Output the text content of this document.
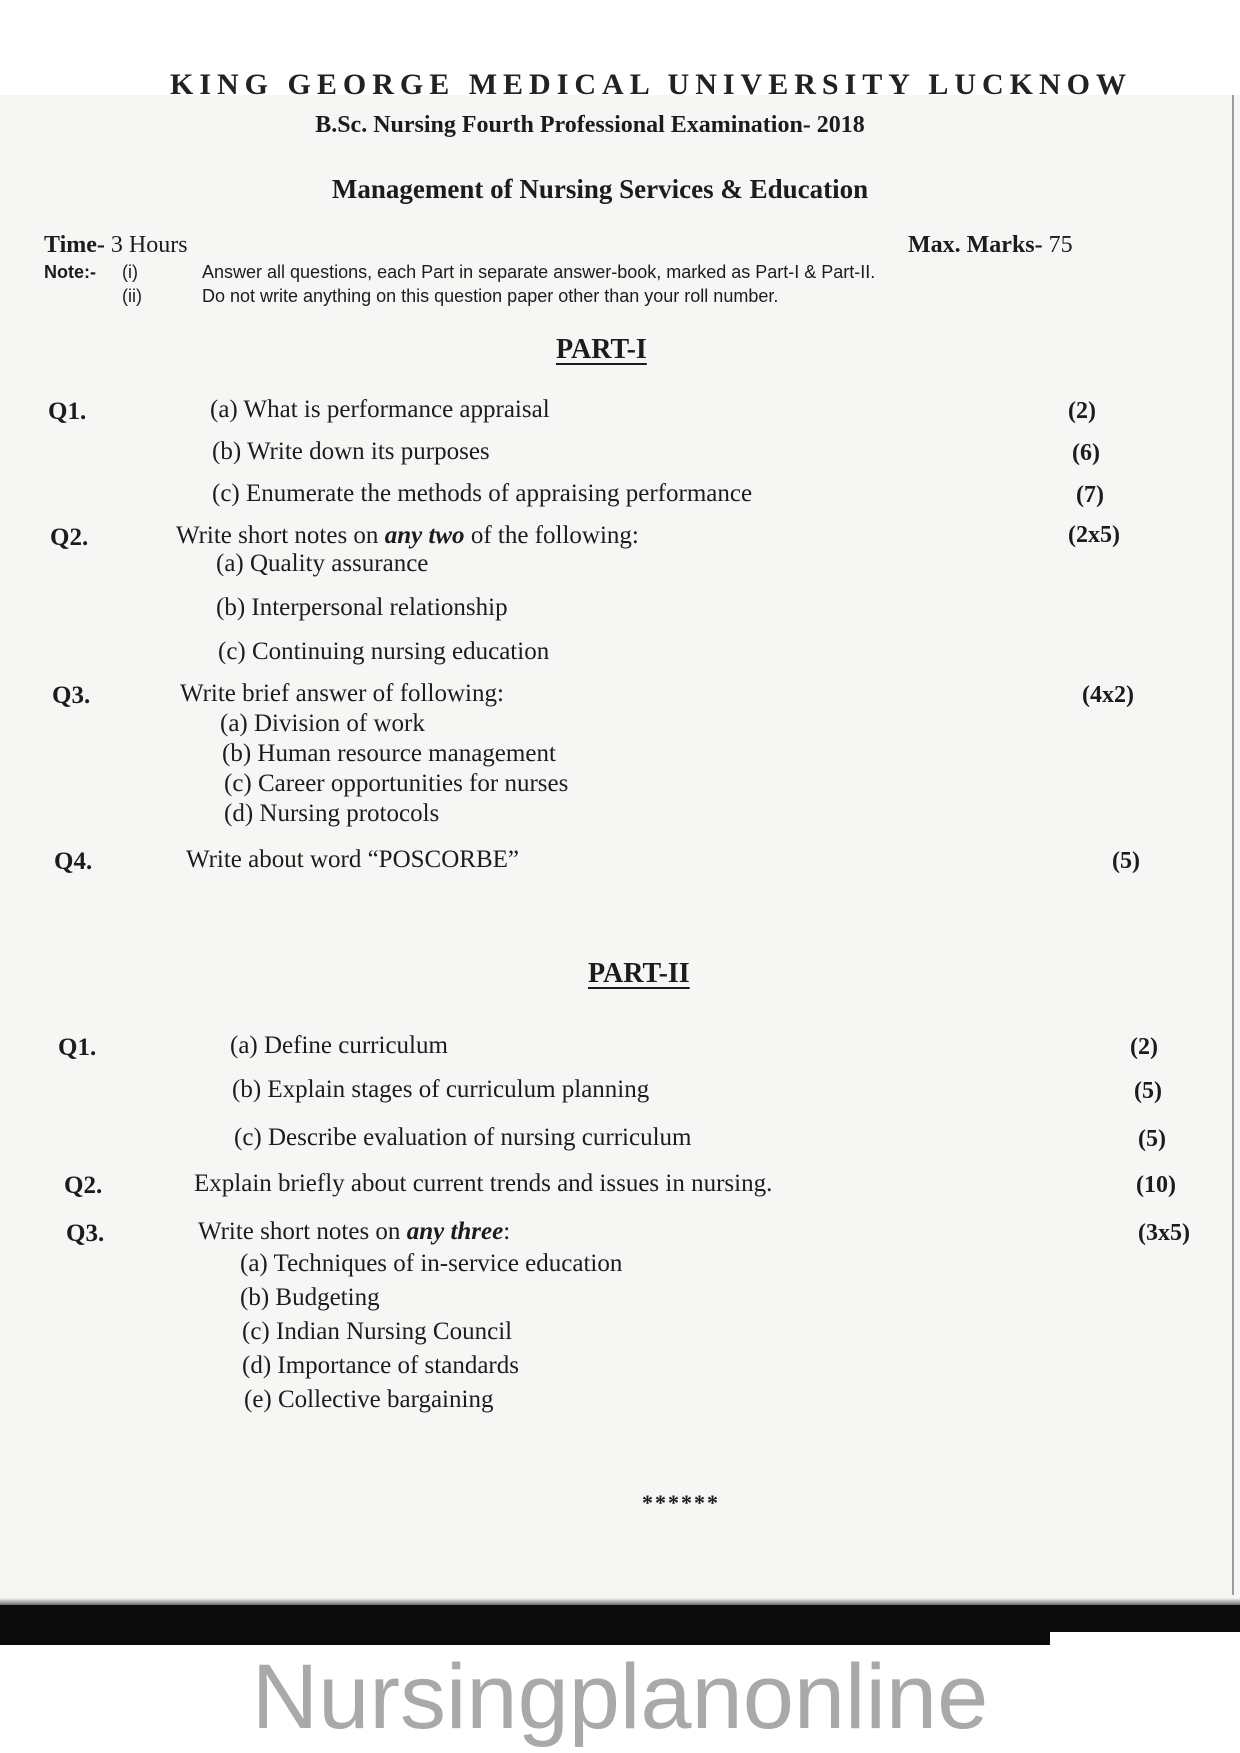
KING GEORGE MEDICAL UNIVERSITY LUCKNOW
B.Sc. Nursing Fourth Professional Examination- 2018
Management of Nursing Services & Education
Time- 3 Hours	Max. Marks- 75
Note:- (i)	Answer all questions, each Part in separate answer-book, marked as Part-I & Part-II.
(ii)	Do not write anything on this question paper other than your roll number.
PART-I
Q1.	(a) What is performance appraisal	(2)
(b) Write down its purposes	(6)
(c) Enumerate the methods of appraising performance	(7)
Q2.	Write short notes on any two of the following:	(2x5)
(a) Quality assurance
(b) Interpersonal relationship
(c) Continuing nursing education
Q3.	Write brief answer of following:	(4x2)
(a) Division of work
(b) Human resource management
(c) Career opportunities for nurses
(d) Nursing protocols
Q4.	Write about word “POSCORBE”	(5)
PART-II
Q1.	(a) Define curriculum	(2)
(b) Explain stages of curriculum planning	(5)
(c) Describe evaluation of nursing curriculum	(5)
Q2.	Explain briefly about current trends and issues in nursing.	(10)
Q3.	Write short notes on any three:	(3x5)
(a) Techniques of in-service education
(b) Budgeting
(c) Indian Nursing Council
(d) Importance of standards
(e) Collective bargaining
******
Nursingplanonline
